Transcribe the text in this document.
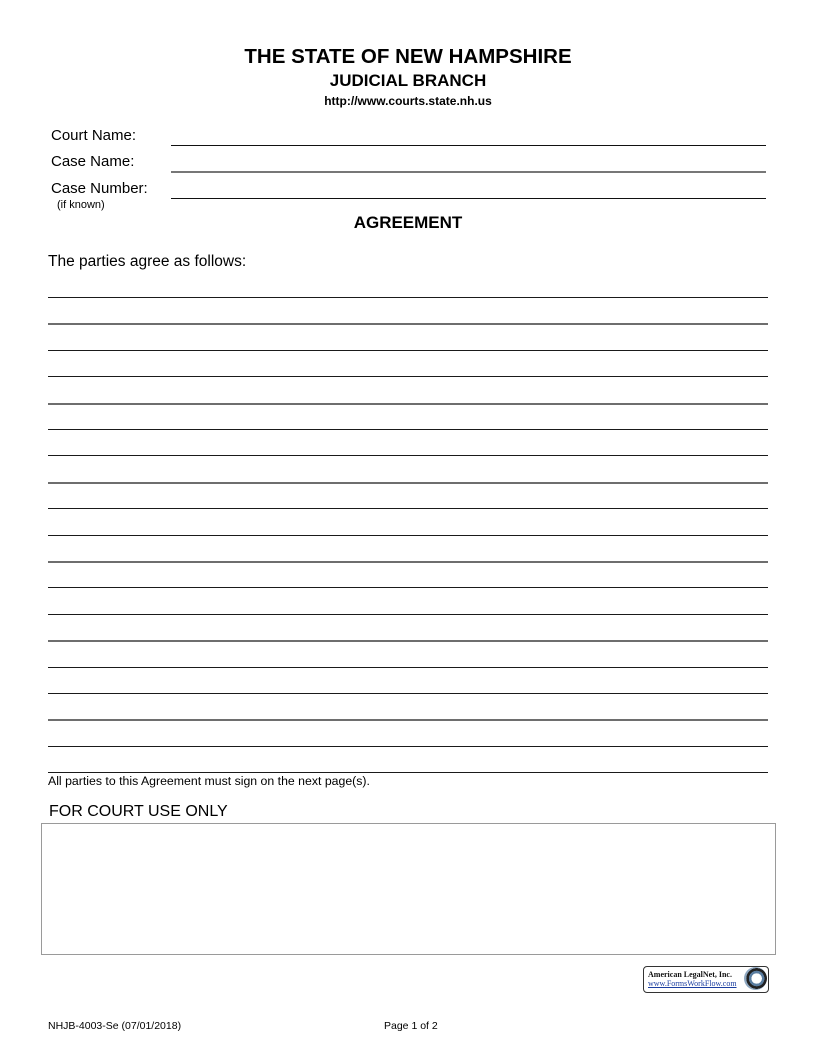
THE STATE OF NEW HAMPSHIRE
JUDICIAL BRANCH
http://www.courts.state.nh.us
Court Name:
Case Name:
Case Number:
(if known)
AGREEMENT
The parties agree as follows:
All parties to this Agreement must sign on the next page(s).
FOR COURT USE ONLY
American LegalNet, Inc.
www.FormsWorkFlow.com
NHJB-4003-Se (07/01/2018)	Page 1 of 2
